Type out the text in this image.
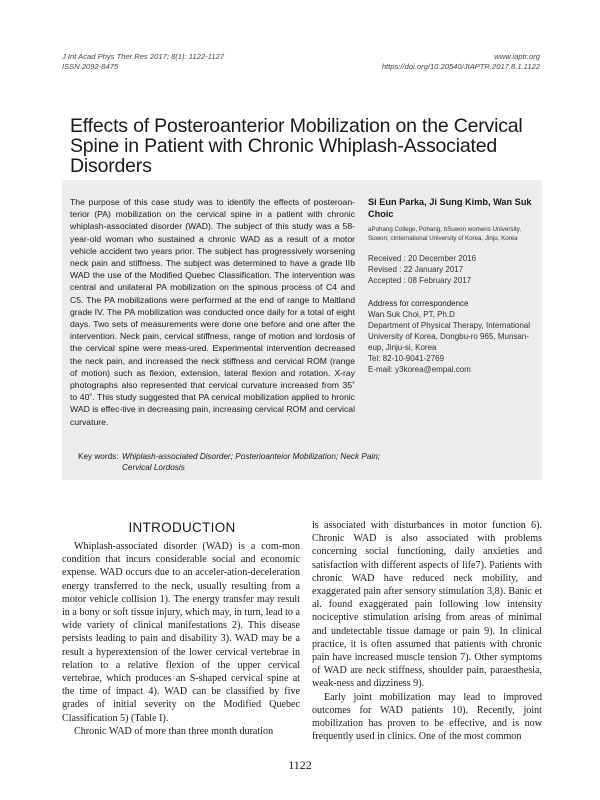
J Int Acad Phys Ther Res 2017; 8(1): 1122-1127
ISSN 2092-8475
www.iaptr.org
https://doi.org/10.20540/JIAPTR.2017.8.1.1122
Effects of Posteroanterior Mobilization on the Cervical Spine in Patient with Chronic Whiplash-Associated Disorders
The purpose of this case study was to identify the effects of posteroan-terior (PA) mobilization on the cervical spine in a patient with chronic whiplash-associated disorder (WAD). The subject of this study was a 58-year-old woman who sustained a chronic WAD as a result of a motor vehicle accident two years prior. The subject has progressively worsening neck pain and stiffness. The subject was determined to have a grade IIb WAD the use of the Modified Quebec Classification. The intervention was central and unilateral PA mobilization on the spinous process of C4 and C5. The PA mobilizations were performed at the end of range to Maitland grade IV. The PA mobilization was conducted once daily for a total of eight days. Two sets of measurements were done one before and one after the intervention. Neck pain, cervical stiffness, range of motion and lordosis of the cervical spine were meas-ured. Experimental intervention decreased the neck pain, and increased the neck stiffness and cervical ROM (range of motion) such as flexion, extension, lateral flexion and rotation. X-ray photographs also represented that cervical curvature increased from 35˚ to 40˚. This study suggested that PA cervical mobilization applied to hronic WAD is effec-tive in decreasing pain, increasing cervical ROM and cervical curvature.
Si Eun Parka, Ji Sung Kimb, Wan Suk Choic
aPohang College, Pohang; bSuwon womens University, Suwon; cInternational University of Korea, Jinju, Korea
Received : 20 December 2016
Revised : 22 January 2017
Accepted : 08 February 2017
Address for correspondence
Wan Suk Choi, PT, Ph.D
Department of Physical Therapy, International University of Korea, Dongbu-ro 965, Munsan-eup, Jinju-si, Korea
Tel: 82-10-9041-2769
E-mail: y3korea@empal.com
Key words: Whiplash-associated Disorder; Posterioanteior Mobilization; Neck Pain; Cervical Lordosis
INTRODUCTION

Whiplash-associated disorder (WAD) is a com-mon condition that incurs considerable social and economic expense. WAD occurs due to an acceler-ation-deceleration energy transferred to the neck, usually resulting from a motor vehicle collision 1). The energy transfer may result in a bony or soft tissue injury, which may, in turn, lead to a wide variety of clinical manifestations 2). This disease persists leading to pain and disability 3). WAD may be a result a hyperextension of the lower cervical vertebrae in relation to a relative flexion of the upper cervical vertebrae, which produces an S-shaped cervical spine at the time of impact 4). WAD can be classified by five grades of initial severity on the Modified Quebec Classification 5) (Table I).

Chronic WAD of more than three month duration

is associated with disturbances in motor function 6). Chronic WAD is also associated with problems concerning social functioning, daily anxieties and satisfaction with different aspects of life7). Patients with chronic WAD have reduced neck mobility, and exaggerated pain after sensory stimulation 3,8). Banic et al. found exaggerated pain following low intensity nociceptive stimulation arising from areas of minimal and undetectable tissue damage or pain 9). In clinical practice, it is often assumed that patients with chronic pain have increased muscle tension 7). Other symptoms of WAD are neck stiffness, shoulder pain, paraesthesia, weak-ness and dizziness 9).

Early joint mobilization may lead to improved outcomes for WAD patients 10). Recently, joint mobilization has proven to be effective, and is now frequently used in clinics. One of the most common

1122
